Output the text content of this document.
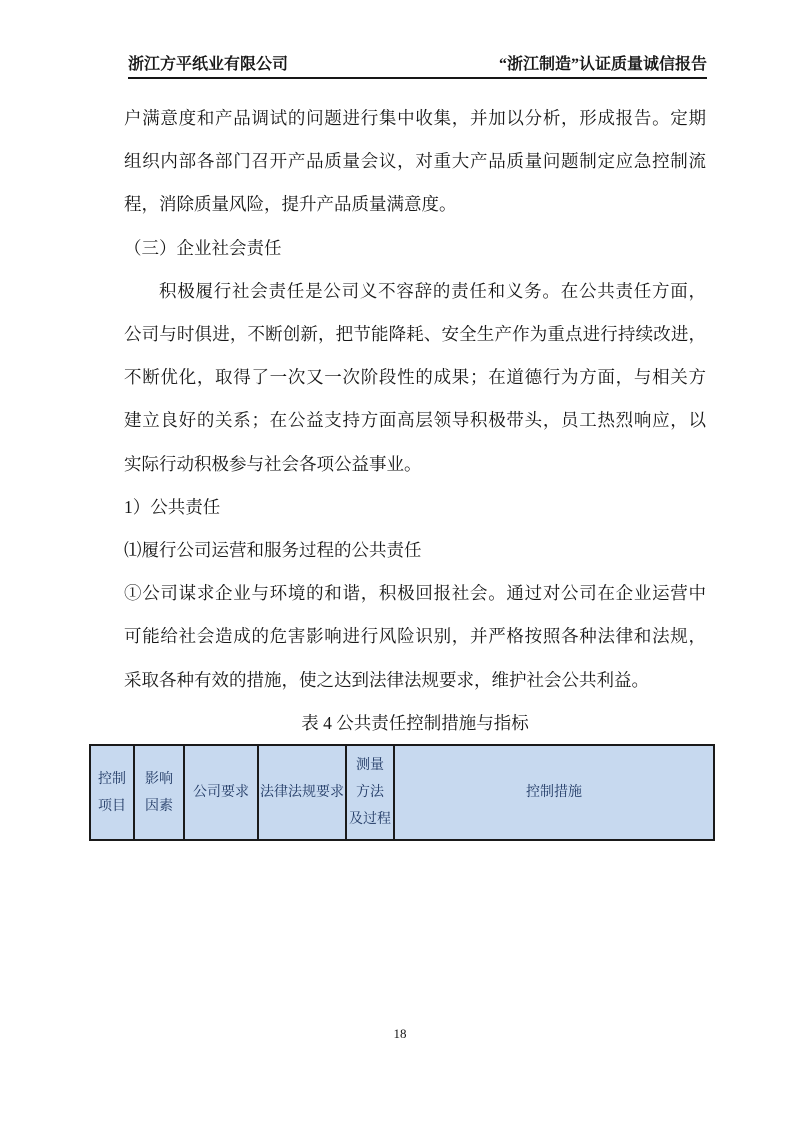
浙江方平纸业有限公司	“浙江制造”认证质量诚信报告
户满意度和产品调试的问题进行集中收集，并加以分析，形成报告。定期
组织内部各部门召开产品质量会议，对重大产品质量问题制定应急控制流
程，消除质量风险，提升产品质量满意度。
（三）企业社会责任
积极履行社会责任是公司义不容辞的责任和义务。在公共责任方面，
公司与时俱进，不断创新，把节能降耗、安全生产作为重点进行持续改进，
不断优化，取得了一次又一次阶段性的成果；在道德行为方面，与相关方
建立良好的关系；在公益支持方面高层领导积极带头，员工热烈响应，以
实际行动积极参与社会各项公益事业。
1）公共责任
⑴履行公司运营和服务过程的公共责任
①公司谋求企业与环境的和谐，积极回报社会。通过对公司在企业运营中
可能给社会造成的危害影响进行风险识别，并严格按照各种法律和法规，
采取各种有效的措施，使之达到法律法规要求，维护社会公共利益。
表 4 公共责任控制措施与指标
控制
项目
影响
因素
公司要求 法律法规要求
测量
方法
及过程
控制措施
18
